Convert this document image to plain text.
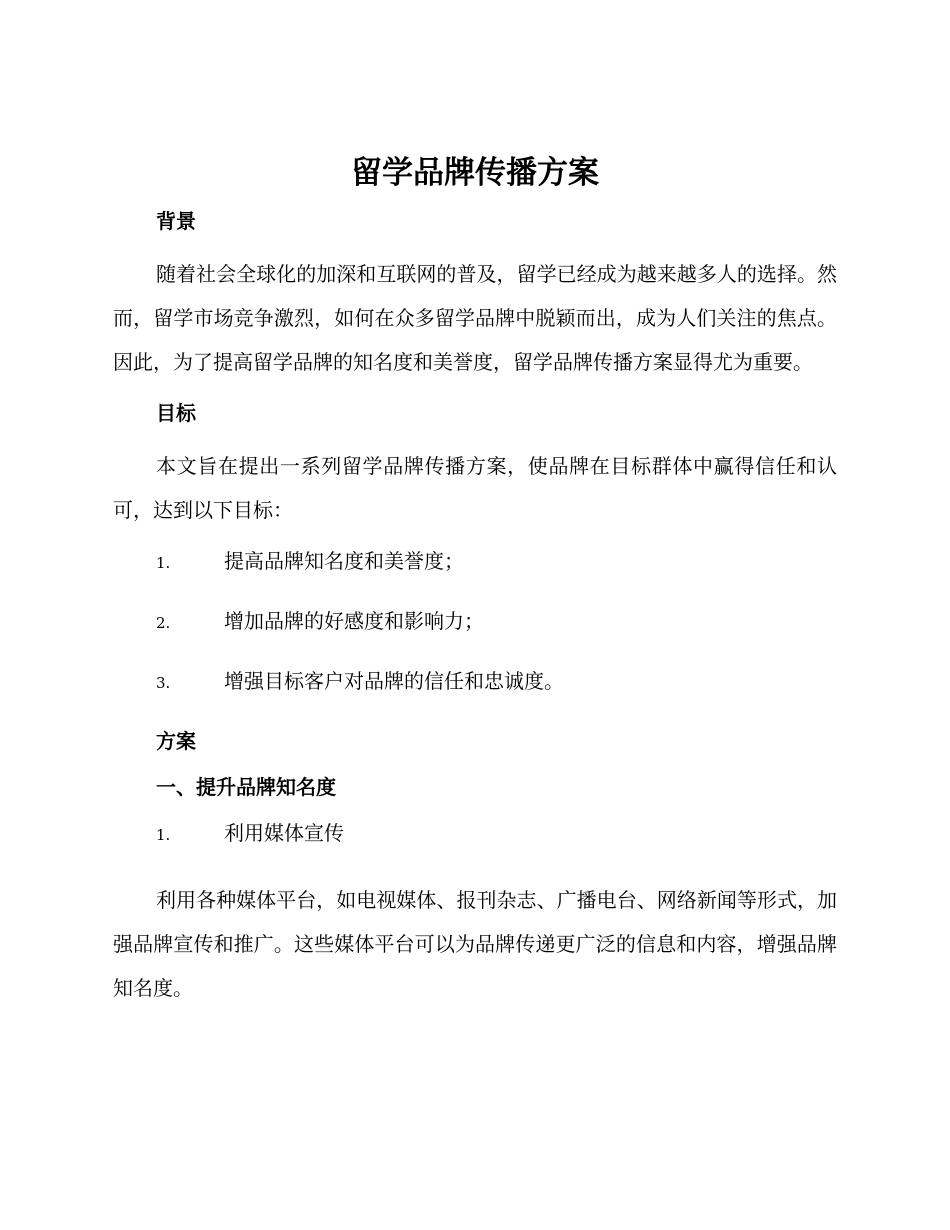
留学品牌传播方案
背景

随着社会全球化的加深和互联网的普及，留学已经成为越来越多人的选择。然而，留学市场竞争激烈，如何在众多留学品牌中脱颖而出，成为人们关注的焦点。因此，为了提高留学品牌的知名度和美誉度，留学品牌传播方案显得尤为重要。

目标

本文旨在提出一系列留学品牌传播方案，使品牌在目标群体中赢得信任和认可，达到以下目标：

1.	提高品牌知名度和美誉度；
2.	增加品牌的好感度和影响力；
3.	增强目标客户对品牌的信任和忠诚度。
方案
一、提升品牌知名度
1.	利用媒体宣传

利用各种媒体平台，如电视媒体、报刊杂志、广播电台、网络新闻等形式，加强品牌宣传和推广。这些媒体平台可以为品牌传递更广泛的信息和内容，增强品牌知名度。
